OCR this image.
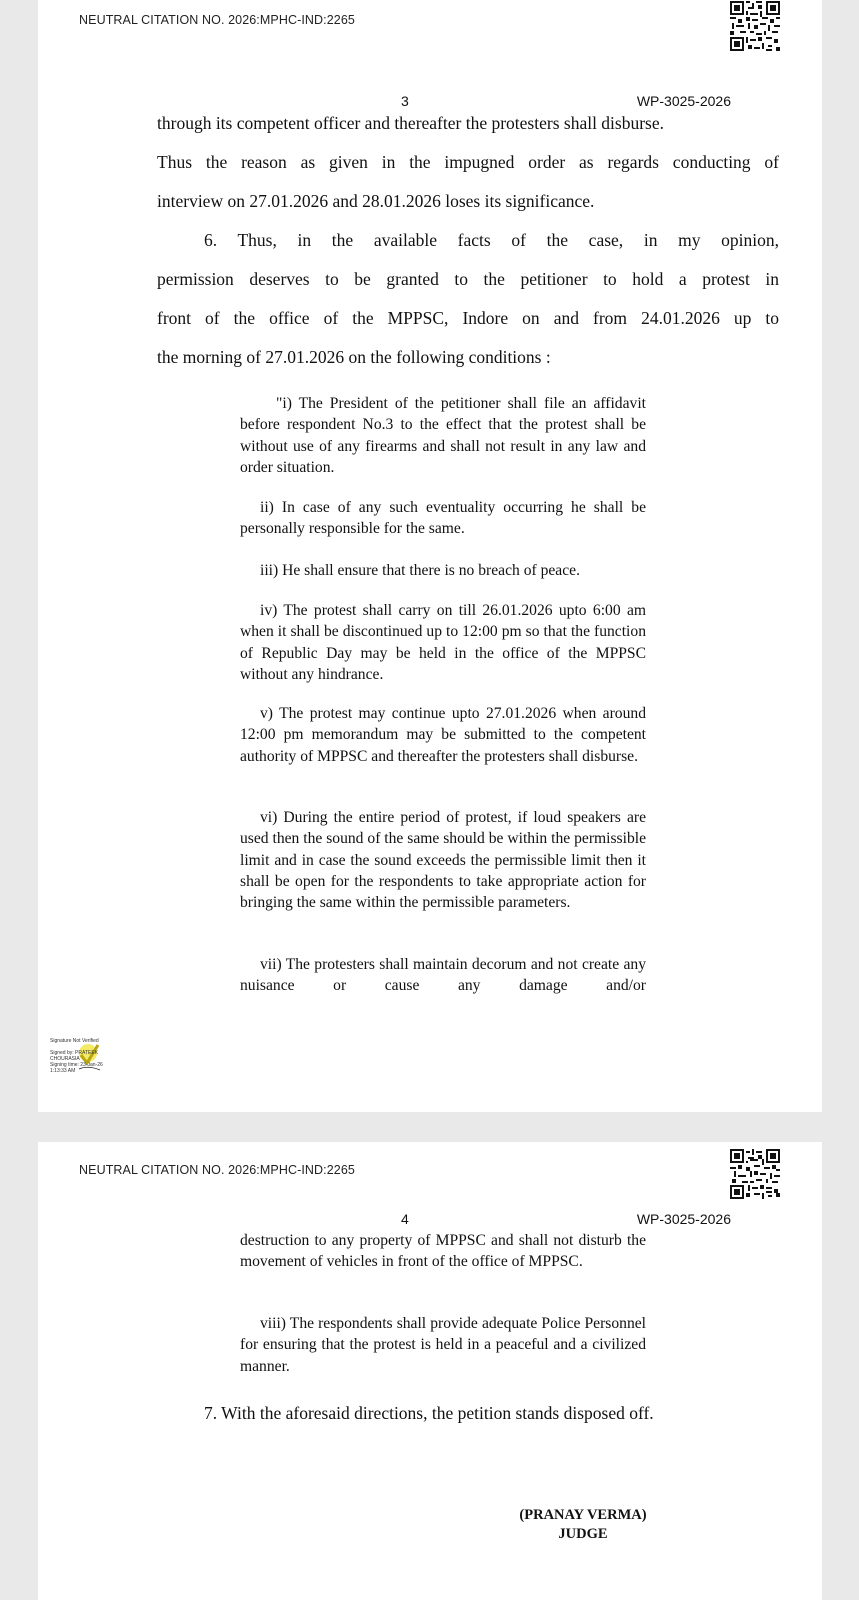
NEUTRAL CITATION NO. 2026:MPHC-IND:2265
3	WP-3025-2026
through its competent officer and thereafter the protesters shall disburse.
Thus the reason as given in the impugned order as regards conducting of
interview on 27.01.2026 and 28.01.2026 loses its significance.
6. Thus, in the available facts of the case, in my opinion,
permission deserves to be granted to the petitioner to hold a protest in
front of the office of the MPPSC, Indore on and from 24.01.2026 up to
the morning of 27.01.2026 on the following conditions :

"i) The President of the petitioner shall file an affidavit before respondent No.3 to the effect that the protest shall be without use of any firearms and shall not result in any law and order situation.

ii) In case of any such eventuality occurring he shall be personally responsible for the same.

iii) He shall ensure that there is no breach of peace.

iv) The protest shall carry on till 26.01.2026 upto 6:00 am when it shall be discontinued up to 12:00 pm so that the function of Republic Day may be held in the office of the MPPSC without any hindrance.

v) The protest may continue upto 27.01.2026 when around 12:00 pm memorandum may be submitted to the competent authority of MPPSC and thereafter the protesters shall disburse.

vi) During the entire period of protest, if loud speakers are used then the sound of the same should be within the permissible limit and in case the sound exceeds the permissible limit then it shall be open for the respondents to take appropriate action for bringing the same within the permissible parameters.

vii) The protesters shall maintain decorum and not create any nuisance or cause any damage and/or

Signature Not Verified
Signed by: PRATEEK
CHOURASIA
Signing time: 23-Jan-26
1:13:33 AM
NEUTRAL CITATION NO. 2026:MPHC-IND:2265
4	WP-3025-2026

destruction to any property of MPPSC and shall not disturb the movement of vehicles in front of the office of MPPSC.

viii) The respondents shall provide adequate Police Personnel for ensuring that the protest is held in a peaceful and a civilized manner.

7. With the aforesaid directions, the petition stands disposed off.
(PRANAY VERMA)
JUDGE
